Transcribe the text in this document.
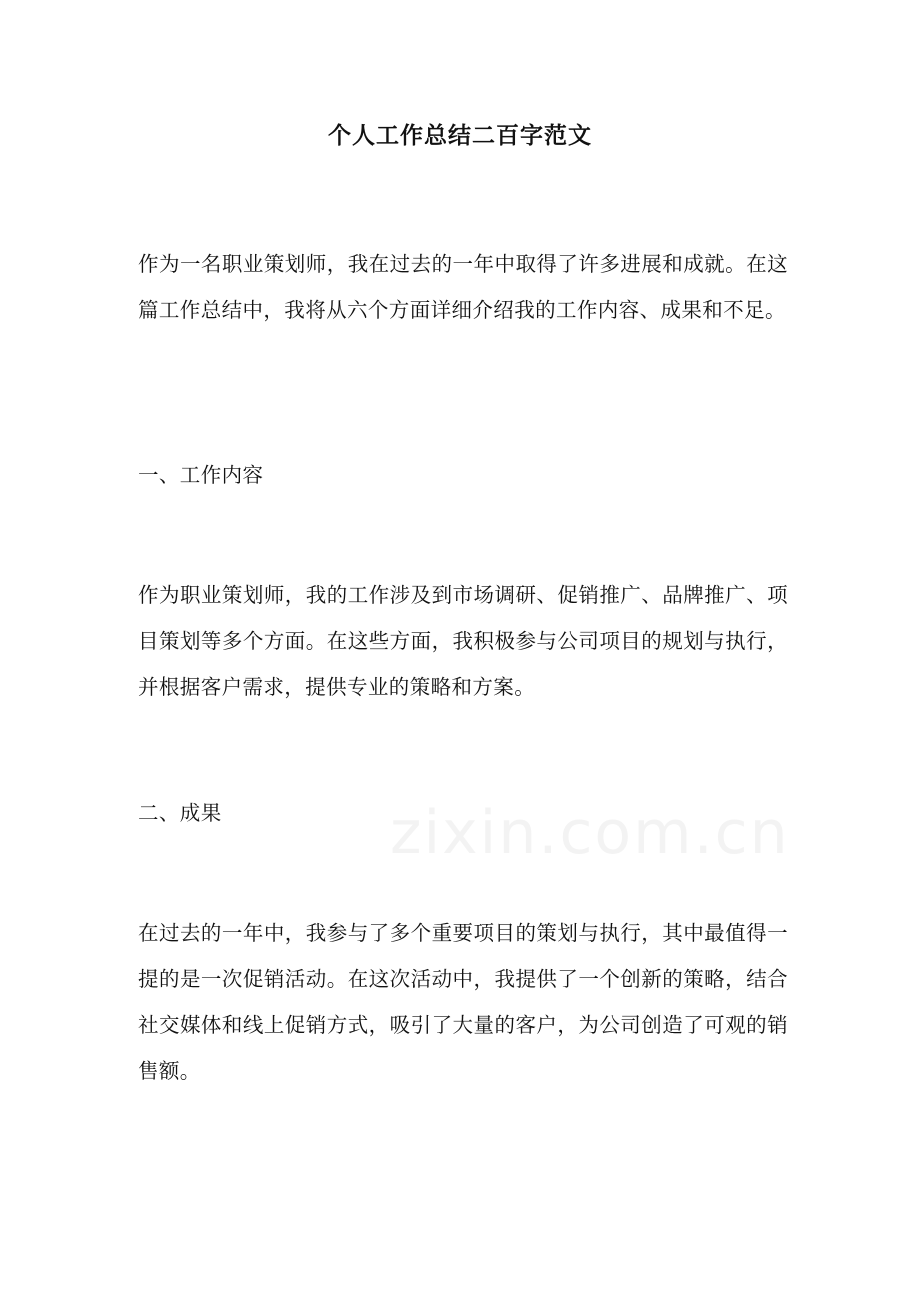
个人工作总结二百字范文
作为一名职业策划师，我在过去的一年中取得了许多进展和成就。在这篇工作总结中，我将从六个方面详细介绍我的工作内容、成果和不足。
一、工作内容
作为职业策划师，我的工作涉及到市场调研、促销推广、品牌推广、项目策划等多个方面。在这些方面，我积极参与公司项目的规划与执行，并根据客户需求，提供专业的策略和方案。
二、成果
在过去的一年中，我参与了多个重要项目的策划与执行，其中最值得一提的是一次促销活动。在这次活动中，我提供了一个创新的策略，结合社交媒体和线上促销方式，吸引了大量的客户，为公司创造了可观的销售额。
zixin.com.cn
